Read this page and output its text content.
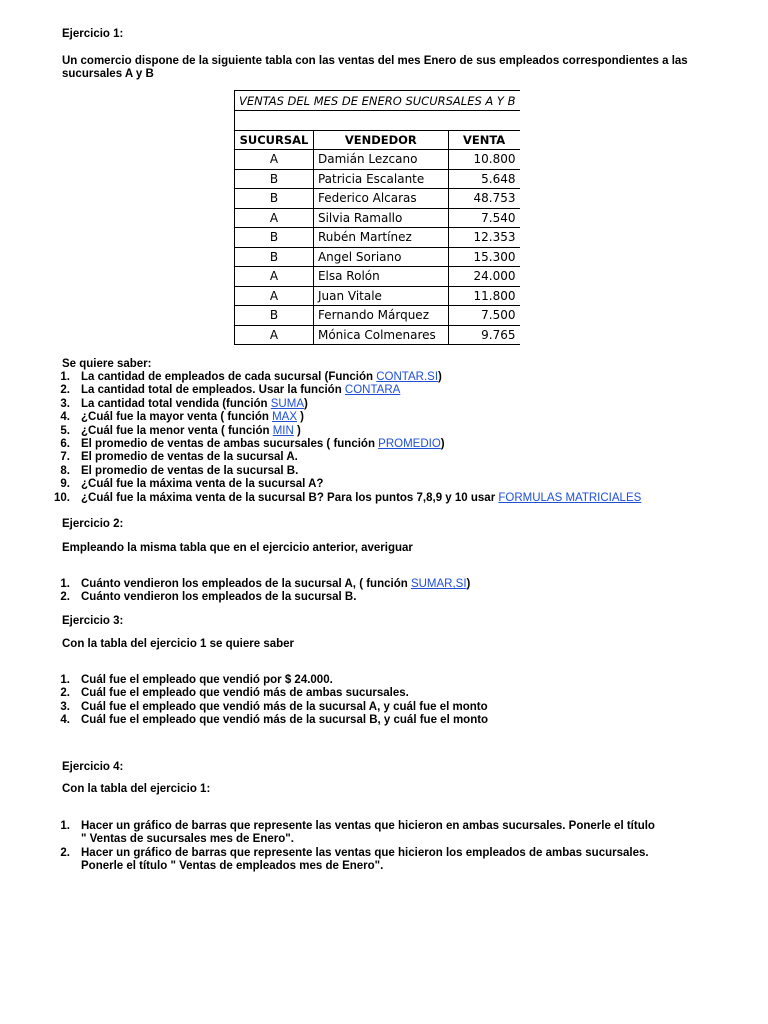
Ejercicio 1:
Un comercio dispone de la siguiente tabla con las ventas del mes Enero de sus empleados correspondientes a las sucursales A y B
VENTAS DEL MES DE ENERO SUCURSALES A Y B		

SUCURSAL	VENDEDOR	VENTA
A	Damián Lezcano	10.800
B	Patricia Escalante	5.648
B	Federico Alcaras	48.753
A	Silvia Ramallo	7.540
B	Rubén Martínez	12.353
B	Angel Soriano	15.300
A	Elsa Rolón	24.000
A	Juan Vitale	11.800
B	Fernando Márquez	7.500
A	Mónica Colmenares	9.765
Se quiere saber:
1. La cantidad de empleados de cada sucursal (Función CONTAR.SI)
2. La cantidad total de empleados. Usar la función CONTARA
3. La cantidad total vendida (función SUMA)
4. ¿Cuál fue la mayor venta ( función MAX )
5. ¿Cuál fue la menor venta ( función MIN )
6. El promedio de ventas de ambas sucursales ( función PROMEDIO)
7. El promedio de ventas de la sucursal A.
8. El promedio de ventas de la sucursal B.
9. ¿Cuál fue la máxima venta de la sucursal A?
10. ¿Cuál fue la máxima venta de la sucursal B? Para los puntos 7,8,9 y 10 usar FORMULAS MATRICIALES
Ejercicio 2:
Empleando la misma tabla que en el ejercicio anterior, averiguar
1. Cuánto vendieron los empleados de la sucursal A, ( función SUMAR,SI)
2. Cuánto vendieron los empleados de la sucursal B.
Ejercicio 3:
Con la tabla del ejercicio 1 se quiere saber
1. Cuál fue el empleado que vendió por $ 24.000.
2. Cuál fue el empleado que vendió más de ambas sucursales.
3. Cuál fue el empleado que vendió más de la sucursal A, y cuál fue el monto
4. Cuál fue el empleado que vendió más de la sucursal B, y cuál fue el monto
Ejercicio 4:
Con la tabla del ejercicio 1:
1. Hacer un gráfico de barras que represente las ventas que hicieron en ambas sucursales. Ponerle el título " Ventas de sucursales mes de Enero".
2. Hacer un gráfico de barras que represente las ventas que hicieron los empleados de ambas sucursales. Ponerle el título " Ventas de empleados mes de Enero".
